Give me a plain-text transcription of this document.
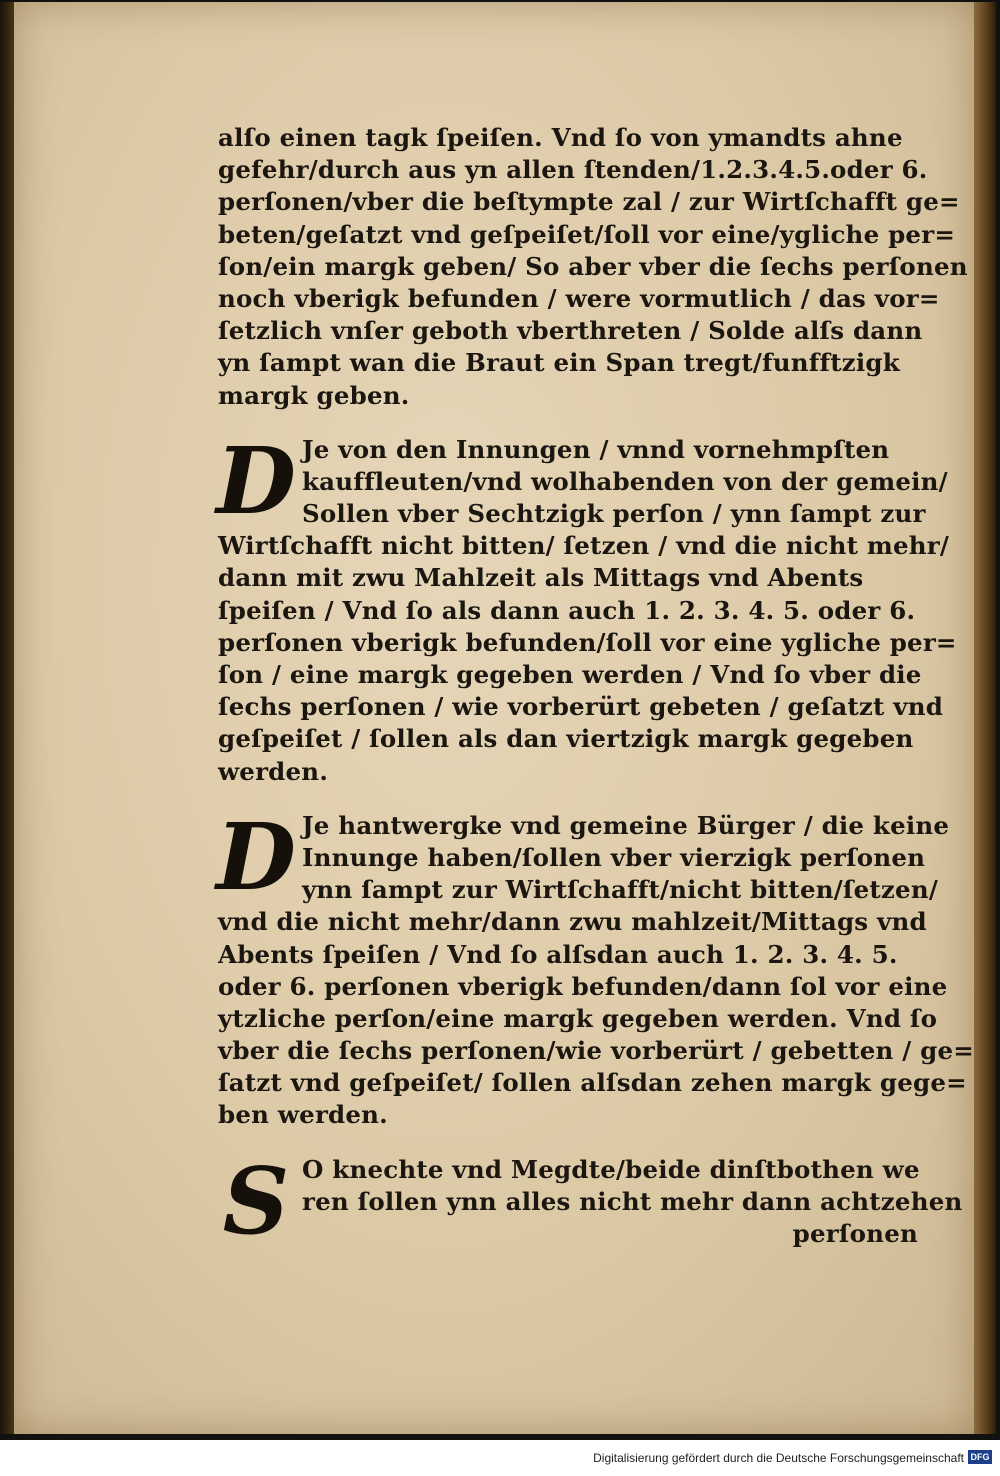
alſo einen tagk ſpeiſen. Vnd ſo von ymandts ahne
gefehr/durch aus yn allen ſtenden/1.2.3.4.5.oder 6.
perſonen/vber die beſtympte zal / zur Wirtſchafft ge=
beten/geſatzt vnd geſpeiſet/ſoll vor eine/ygliche per=
ſon/ein margk geben/ So aber vber die ſechs perſonen
noch vberigk befunden / were vormutlich / das vor=
ſetzlich vnſer geboth vberthreten / Solde alſs dann
yn ſampt wan die Braut ein Span tregt/funfftzigk
margk geben.
D Je von den Innungen / vnnd vornehmpſten
kauffleuten/vnd wolhabenden von der gemein/
Sollen vber Sechtzigk perſon / ynn ſampt zur
Wirtſchafft nicht bitten/ ſetzen / vnd die nicht mehr/
dann mit zwu Mahlzeit als Mittags vnd Abents
ſpeiſen / Vnd ſo als dann auch 1. 2. 3. 4. 5. oder 6.
perſonen vberigk befunden/ſoll vor eine ygliche per=
ſon / eine margk gegeben werden / Vnd ſo vber die
ſechs perſonen / wie vorberürt gebeten / geſatzt vnd
geſpeiſet / ſollen als dan viertzigk margk gegeben
werden.
D Je hantwergke vnd gemeine Bürger / die keine
Innunge haben/ſollen vber vierzigk perſonen
ynn ſampt zur Wirtſchafft/nicht bitten/ſetzen/
vnd die nicht mehr/dann zwu mahlzeit/Mittags vnd
Abents ſpeiſen / Vnd ſo alſsdan auch 1. 2. 3. 4. 5.
oder 6. perſonen vberigk befunden/dann ſol vor eine
ytzliche perſon/eine margk gegeben werden. Vnd ſo
vber die ſechs perſonen/wie vorberürt / gebetten / ge=
ſatzt vnd geſpeiſet/ ſollen alſsdan zehen margk gege=
ben werden.
S O knechte vnd Megdte/beide dinſtbothen we
ren ſollen ynn alles nicht mehr dann achtzehen
perſonen
Digitalisierung gefördert durch die Deutsche Forschungsgemeinschaft DFG
